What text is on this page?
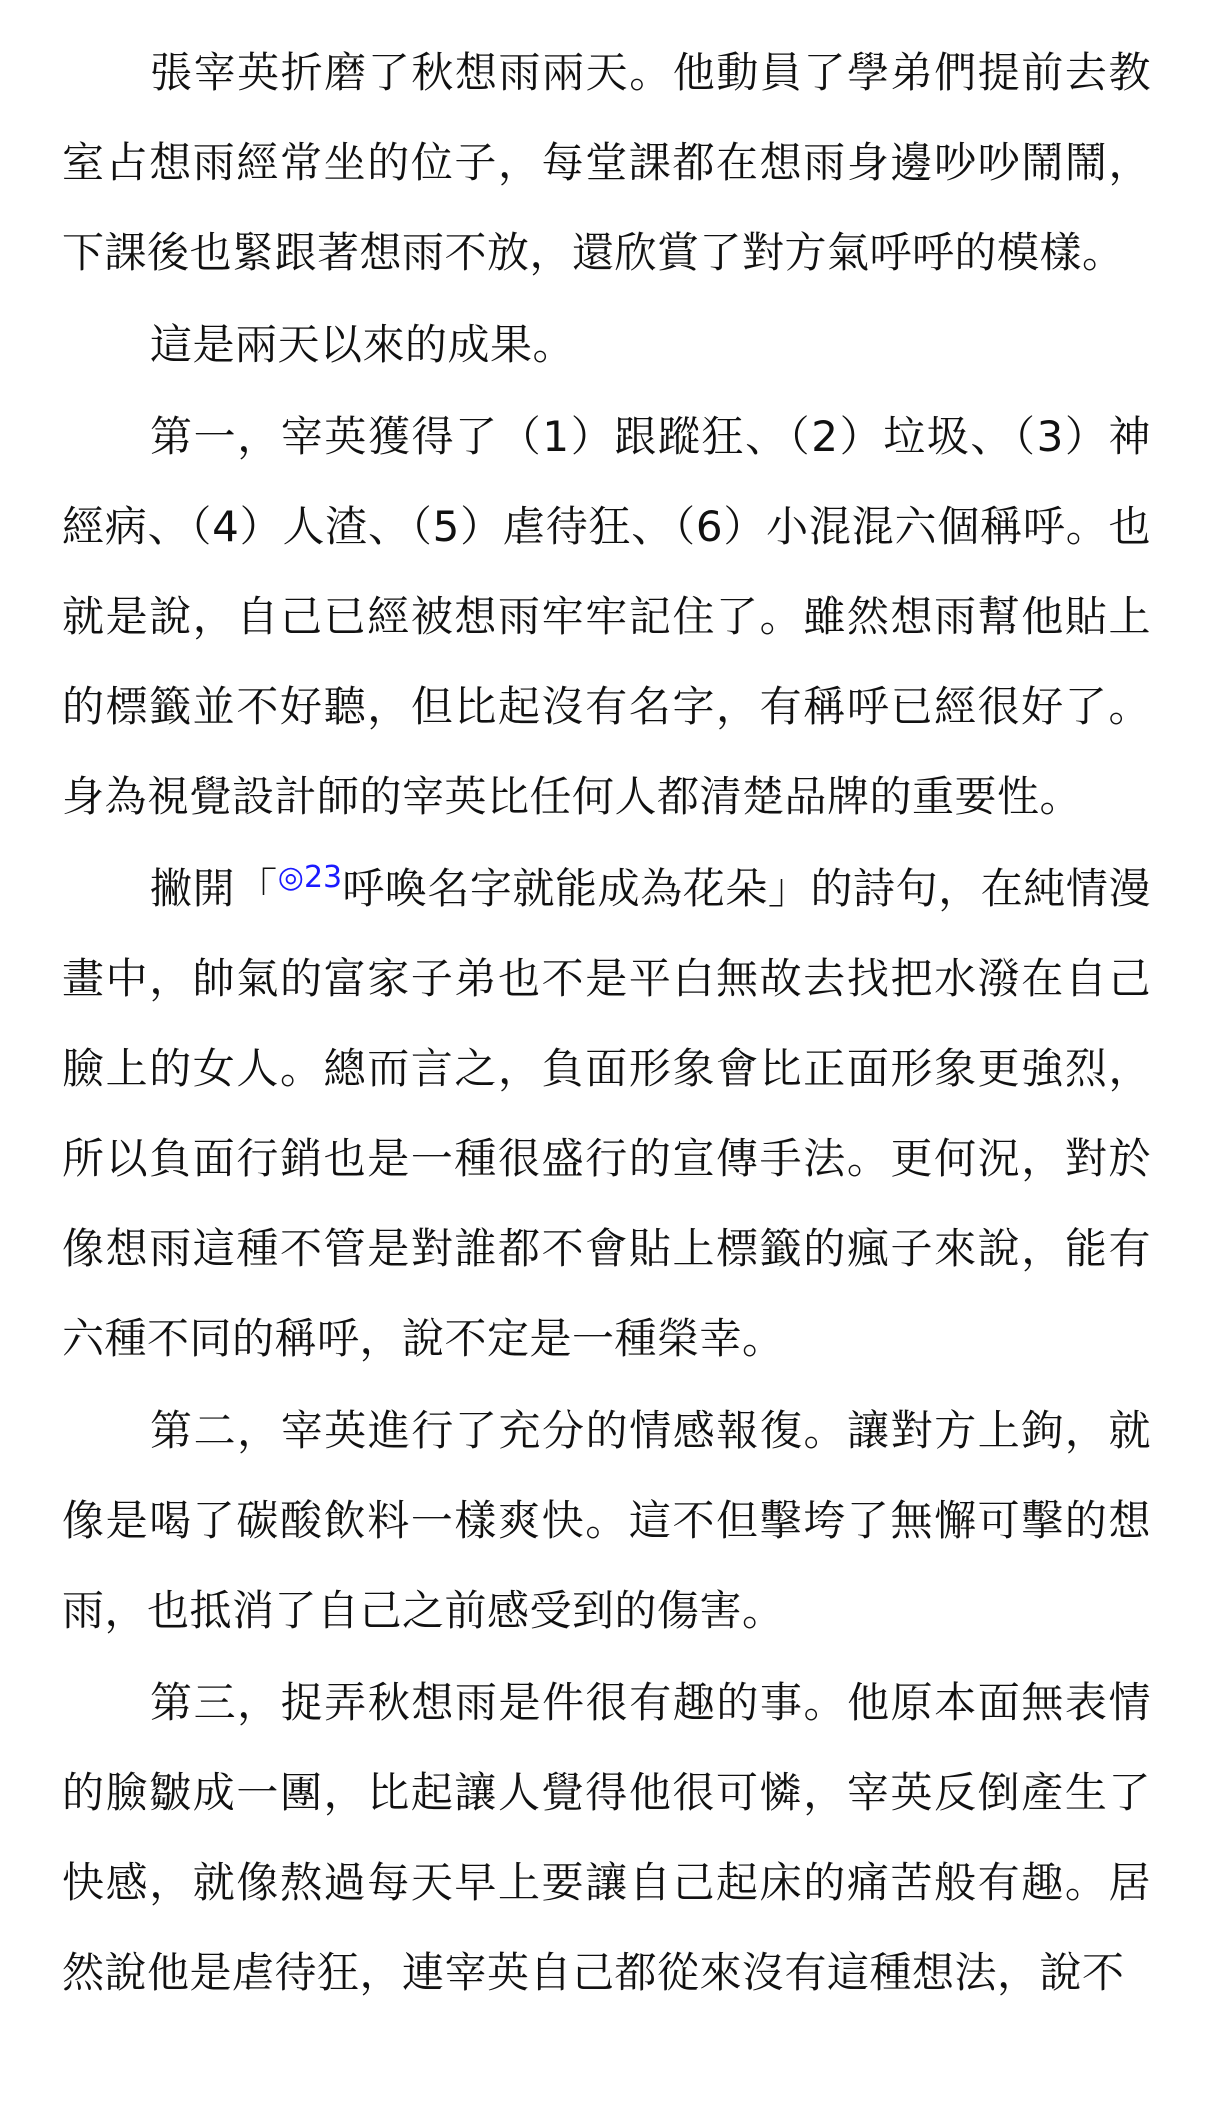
張宰英折磨了秋想雨兩天。他動員了學弟們提前去教室占想雨經常坐的位子，每堂課都在想雨身邊吵吵鬧鬧，下課後也緊跟著想雨不放，還欣賞了對方氣呼呼的模樣。

這是兩天以來的成果。

第一，宰英獲得了（1）跟蹤狂、（2）垃圾、（3）神經病、（4）人渣、（5）虐待狂、（6）小混混六個稱呼。也就是說，自己已經被想雨牢牢記住了。雖然想雨幫他貼上的標籤並不好聽，但比起沒有名字，有稱呼已經很好了。身為視覺設計師的宰英比任何人都清楚品牌的重要性。

撇開「$^{◎23}$呼喚名字就能成為花朵」的詩句，在純情漫畫中，帥氣的富家子弟也不是平白無故去找把水潑在自己臉上的女人。總而言之，負面形象會比正面形象更強烈，所以負面行銷也是一種很盛行的宣傳手法。更何況，對於像想雨這種不管是對誰都不會貼上標籤的瘋子來說，能有六種不同的稱呼，說不定是一種榮幸。

第二，宰英進行了充分的情感報復。讓對方上鉤，就像是喝了碳酸飲料一樣爽快。這不但擊垮了無懈可擊的想雨，也抵消了自己之前感受到的傷害。

第三，捉弄秋想雨是件很有趣的事。他原本面無表情的臉皺成一團，比起讓人覺得他很可憐，宰英反倒產生了快感，就像熬過每天早上要讓自己起床的痛苦般有趣。居然說他是虐待狂，連宰英自己都從來沒有這種想法，說不
